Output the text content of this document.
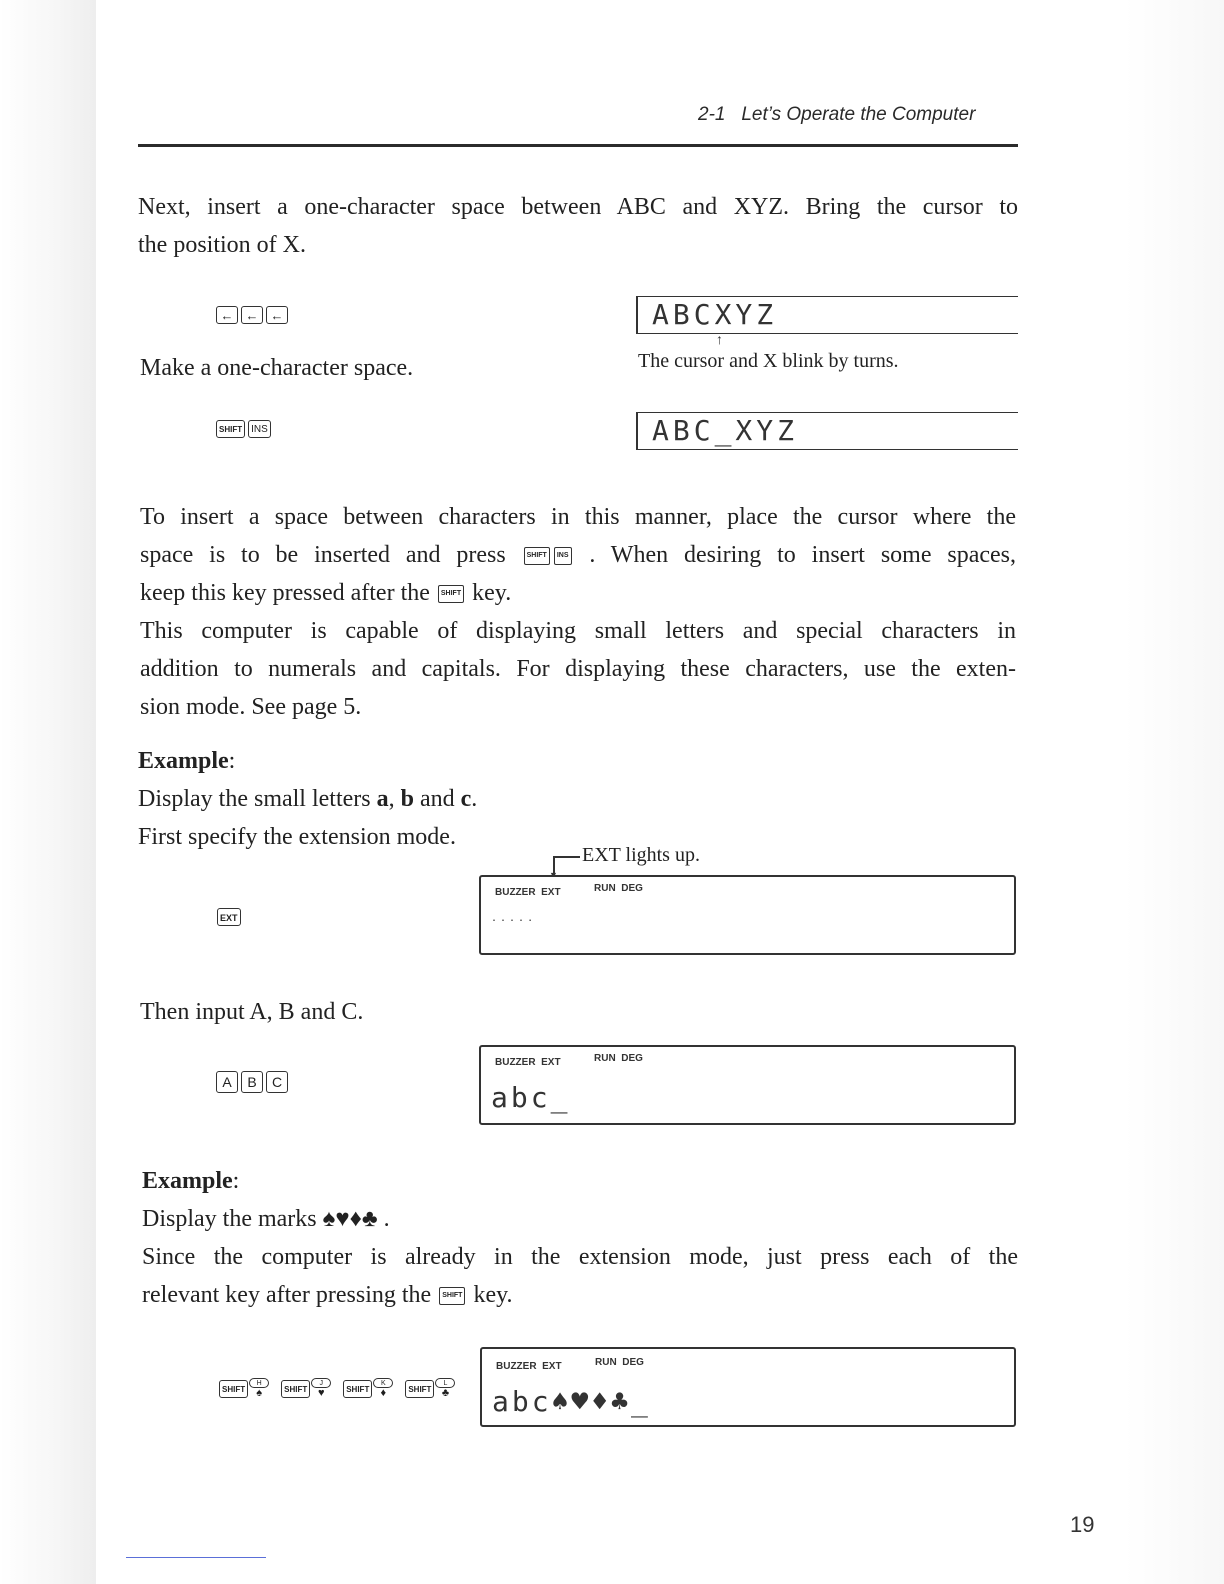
2-1 Let’s Operate the Computer

Next, insert a one-character space between ABC and XYZ. Bring the cursor to

the position of X.

← ← ←	ABCXYZ
↑
The cursor and X blink by turns.
Make a one-character space.
SHIFT INS	ABC_XYZ

To insert a space between characters in this manner, place the cursor where the

space is to be inserted and press	SHIFT INS . When desiring to insert some spaces,

keep this key pressed after the SHIFT key.

This computer is capable of displaying small letters and special characters in

addition to numerals and capitals. For displaying these characters, use the exten-

sion mode. See page 5.

Example:

Display the small letters a, b and c.

First specify the extension mode.

EXT lights up.
EXT
BUZZER  EXT	RUN  DEG
.....
Then input A, B and C.
A B C
BUZZER  EXT	RUN  DEG
abc_

Example:

Display the marks ♠♥♦♣ .

Since the computer is already in the extension mode, just press each of the

relevant key after pressing the SHIFT key.

SHIFT
H
♠	SHIFT
J
♥	SHIFT
K
♦	SHIFT
L
♣
BUZZER  EXT	RUN  DEG
abc♠♥♦♣_
19
